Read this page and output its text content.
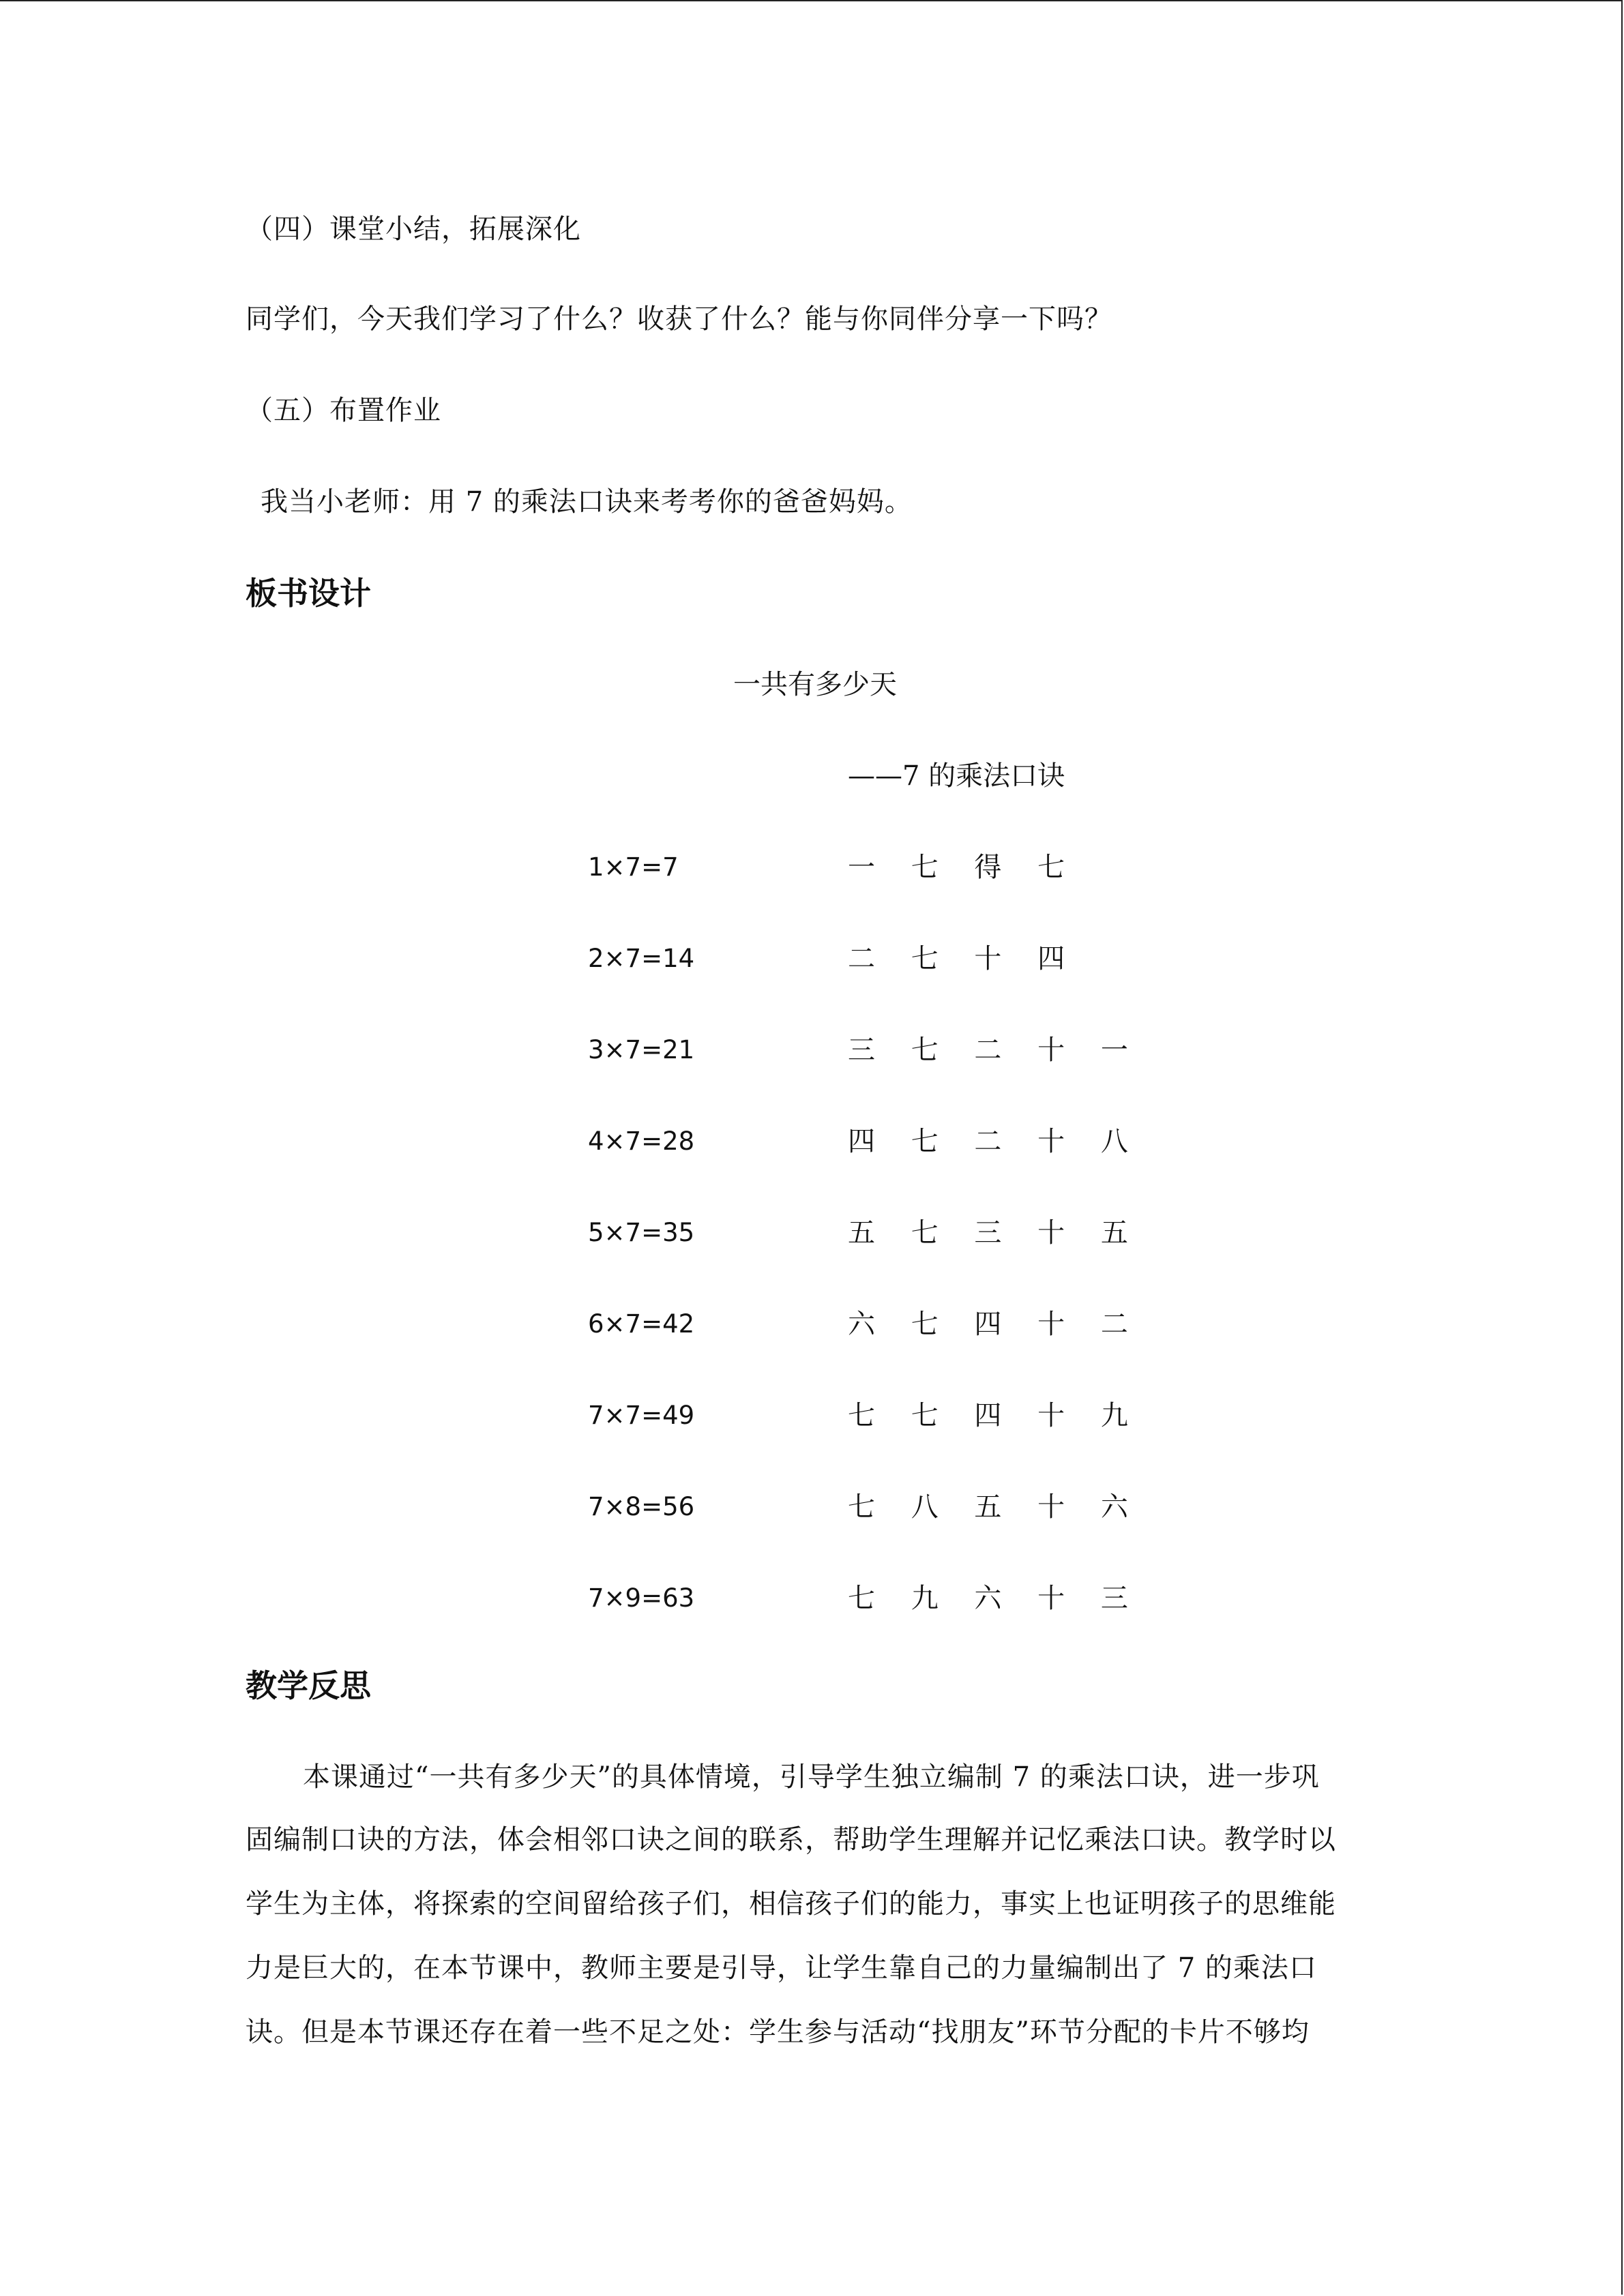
（四）课堂小结，拓展深化
同学们，今天我们学习了什么？收获了什么？能与你同伴分享一下吗？
（五）布置作业
我当小老师：用 7 的乘法口诀来考考你的爸爸妈妈。
板书设计
一共有多少天
——7 的乘法口诀
1×7=7	一 七 得 七
2×7=14	二 七 十 四
3×7=21	三 七 二 十 一
4×7=28	四 七 二 十 八
5×7=35	五 七 三 十 五
6×7=42	六 七 四 十 二
7×7=49	七 七 四 十 九
7×8=56	七 八 五 十 六
7×9=63	七 九 六 十 三
教学反思
本课通过“一共有多少天”的具体情境，引导学生独立编制 7 的乘法口诀，进一步巩
固编制口诀的方法，体会相邻口诀之间的联系，帮助学生理解并记忆乘法口诀。教学时以
学生为主体，将探索的空间留给孩子们，相信孩子们的能力，事实上也证明孩子的思维能
力是巨大的，在本节课中，教师主要是引导，让学生靠自己的力量编制出了 7 的乘法口
诀。但是本节课还存在着一些不足之处：学生参与活动“找朋友”环节分配的卡片不够均
